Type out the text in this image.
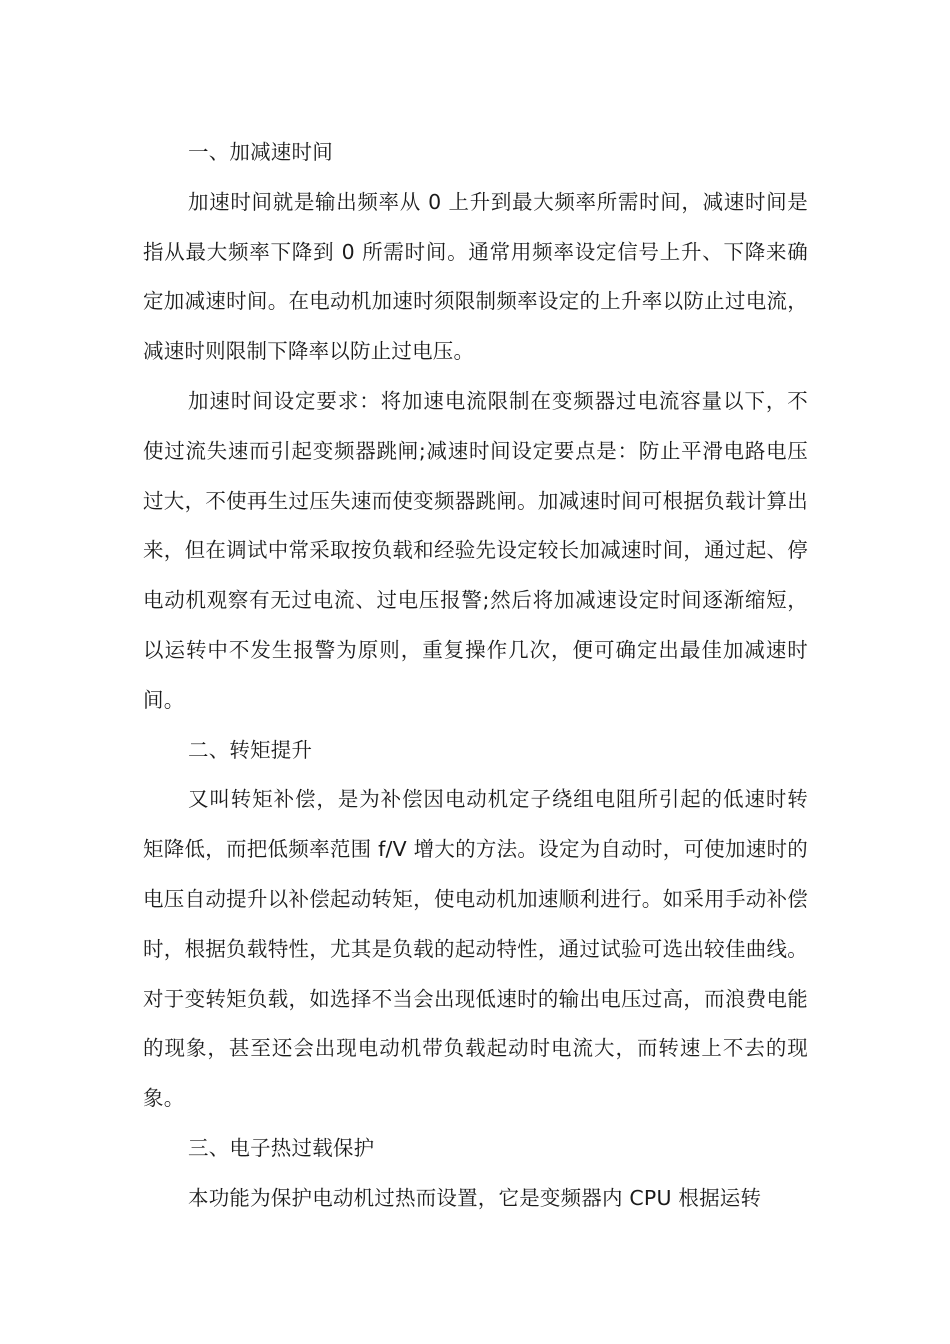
一、加减速时间

加速时间就是输出频率从 0 上升到最大频率所需时间，减速时间是指从最大频率下降到 0 所需时间。通常用频率设定信号上升、下降来确定加减速时间。在电动机加速时须限制频率设定的上升率以防止过电流，减速时则限制下降率以防止过电压。

加速时间设定要求：将加速电流限制在变频器过电流容量以下，不使过流失速而引起变频器跳闸;减速时间设定要点是：防止平滑电路电压过大，不使再生过压失速而使变频器跳闸。加减速时间可根据负载计算出来，但在调试中常采取按负载和经验先设定较长加减速时间，通过起、停电动机观察有无过电流、过电压报警;然后将加减速设定时间逐渐缩短，以运转中不发生报警为原则，重复操作几次，便可确定出最佳加减速时间。

二、转矩提升

又叫转矩补偿，是为补偿因电动机定子绕组电阻所引起的低速时转矩降低，而把低频率范围 f/V 增大的方法。设定为自动时，可使加速时的电压自动提升以补偿起动转矩，使电动机加速顺利进行。如采用手动补偿时，根据负载特性，尤其是负载的起动特性，通过试验可选出较佳曲线。对于变转矩负载，如选择不当会出现低速时的输出电压过高，而浪费电能的现象，甚至还会出现电动机带负载起动时电流大，而转速上不去的现象。

三、电子热过载保护

本功能为保护电动机过热而设置，它是变频器内 CPU 根据运转
